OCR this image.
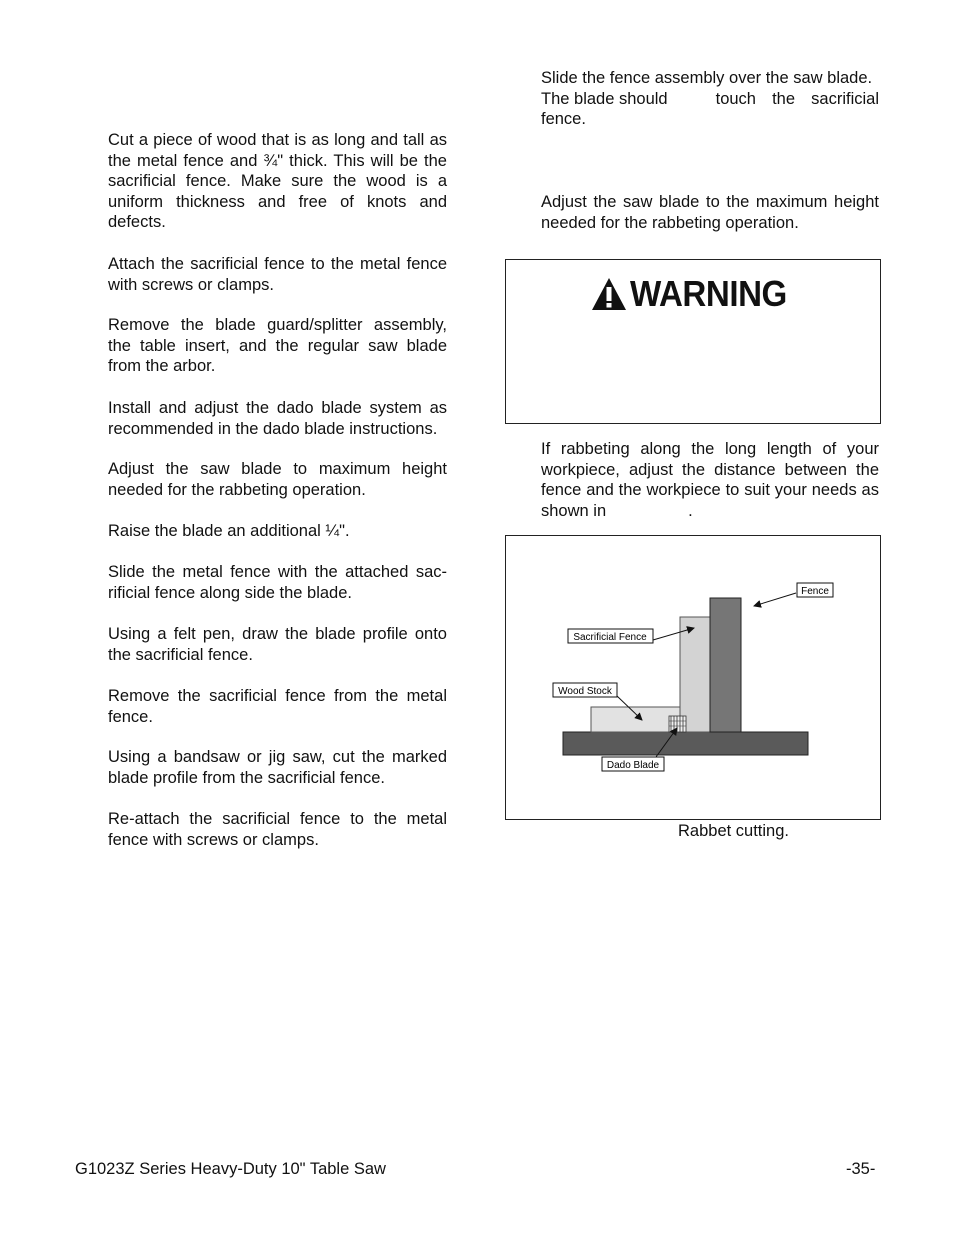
Cut a piece of wood that is as long and tall as the metal fence and ¾" thick. This will be the sacrificial fence. Make sure the wood is a uniform thickness and free of knots and defects.

Attach the sacrificial fence to the metal fence with screws or clamps.

Remove the blade guard/splitter assembly, the table insert, and the regular saw blade from the arbor.

Install and adjust the dado blade system as recommended in the dado blade instructions.

Adjust the saw blade to maximum height needed for the rabbeting operation.

Raise the blade an additional ¼".

Slide the metal fence with the attached sac-rificial fence along side the blade.

Using a felt pen, draw the blade profile onto the sacrificial fence.

Remove the sacrificial fence from the metal fence.

Using a bandsaw or jig saw, cut the marked blade profile from the sacrificial fence.

Re-attach the sacrificial fence to the metal fence with screws or clamps.

Slide the fence assembly over the saw blade.
The blade should	touch the sacrificial
fence.

Adjust the saw blade to the maximum height needed for the rabbeting operation.

WARNING

If rabbeting along the long length of your workpiece, adjust the distance between the fence and the workpiece to suit your needs as shown in	.

Fence
Sacrificial Fence
Wood Stock
Dado Blade
Rabbet cutting.
G1023Z Series Heavy-Duty 10" Table Saw	-35-
